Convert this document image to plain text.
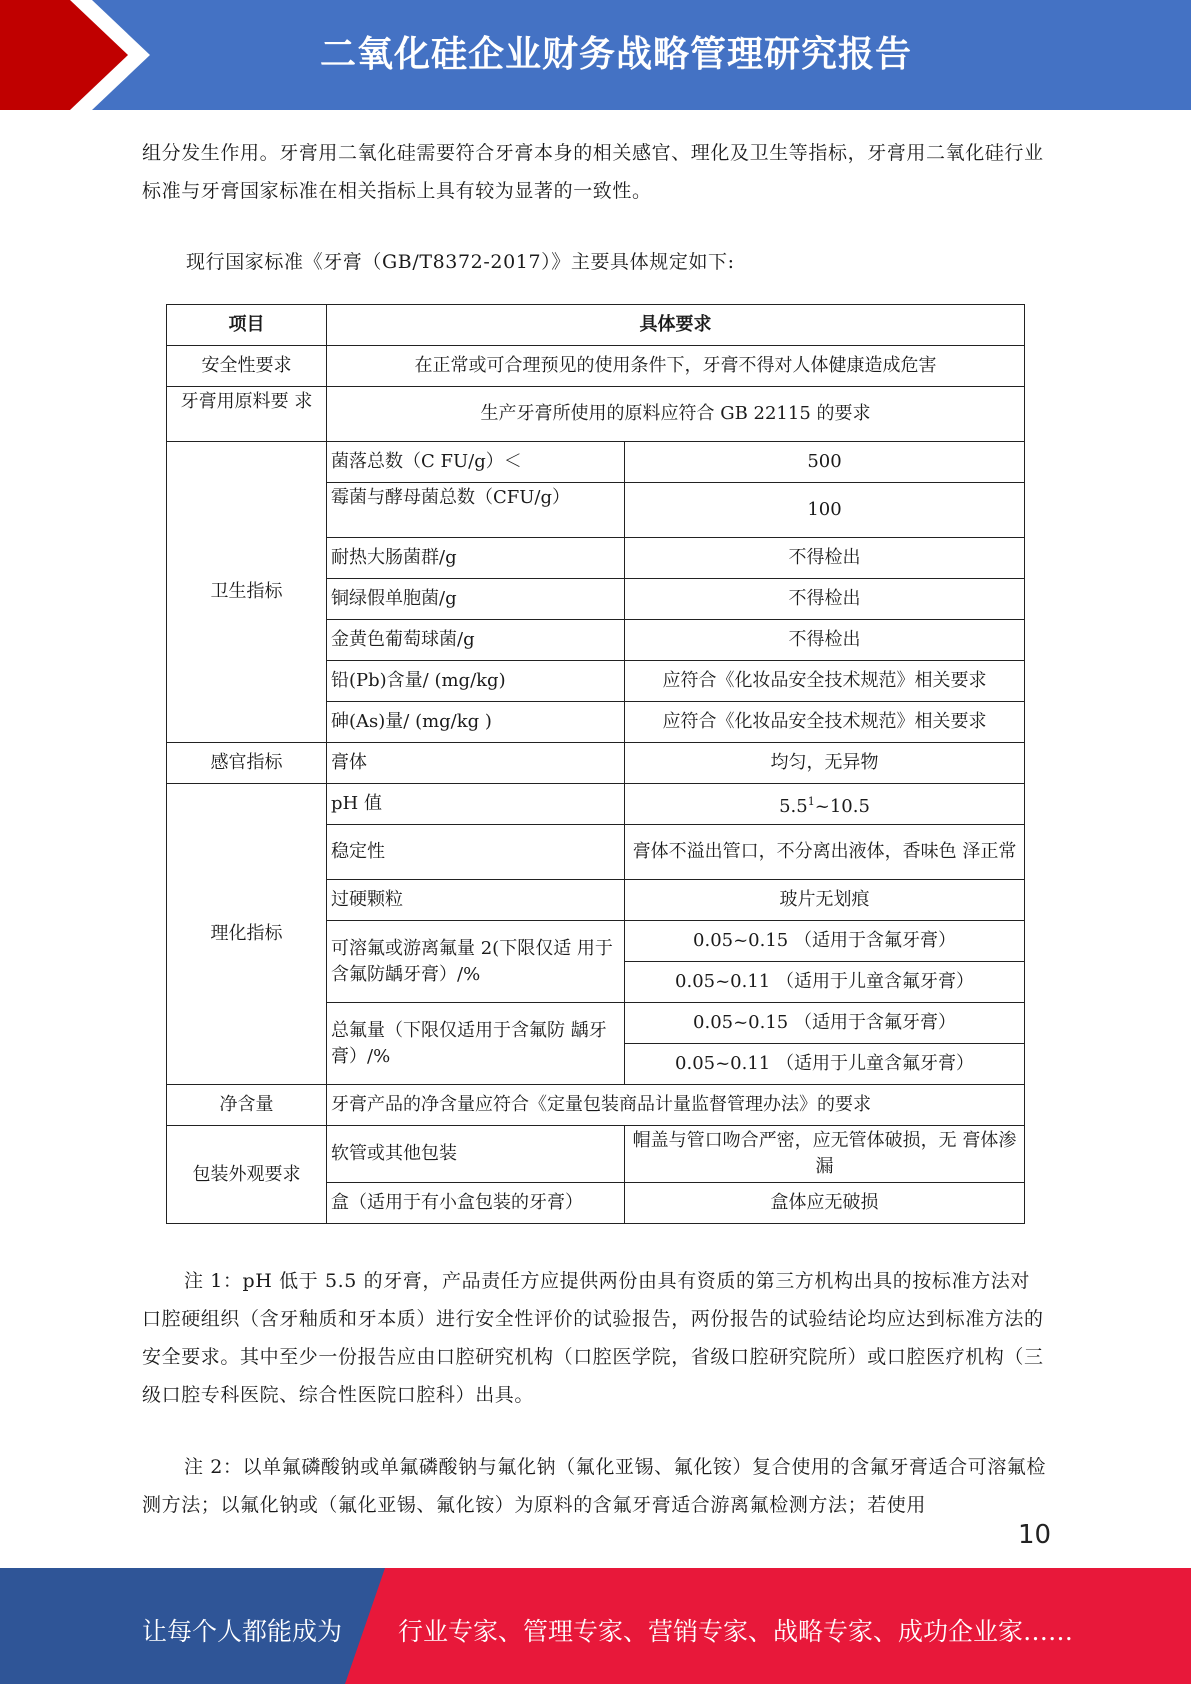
二氧化硅企业财务战略管理研究报告
组分发生作用。牙膏用二氧化硅需要符合牙膏本身的相关感官、理化及卫生等指标，牙膏用二氧化硅行业标准与牙膏国家标准在相关指标上具有较为显著的一致性。
现行国家标准《牙膏（GB/T8372-2017）》主要具体规定如下:
项目	具体要求	
安全性要求	在正常或可合理预见的使用条件下，牙膏不得对人体健康造成危害	
牙膏用原料要 求	生产牙膏所使用的原料应符合 GB 22115 的要求	
卫生指标	菌落总数（C FU/g）＜	500
	霉菌与酵母菌总数（CFU/g）	100
	耐热大肠菌群/g	不得检出
	铜绿假单胞菌/g	不得检出
	金黄色葡萄球菌/g	不得检出
	铅(Pb)含量/ (mg/kg)	应符合《化妆品安全技术规范》相关要求
	砷(As)量/ (mg/kg )	应符合《化妆品安全技术规范》相关要求
感官指标	膏体	均匀，无异物
理化指标	pH 值	$5.5^1\sim 10.5$
	稳定性	膏体不溢出管口，不分离出液体，香味色 泽正常
	过硬颗粒	玻片无划痕
	可溶氟或游离氟量 2(下限仅适 用于含氟防龋牙膏）/%	0.05~0.15 （适用于含氟牙膏）
		0.05~0.11 （适用于儿童含氟牙膏）
	总氟量（下限仅适用于含氟防 龋牙膏）/%	0.05~0.15 （适用于含氟牙膏）
		0.05~0.11 （适用于儿童含氟牙膏）
净含量	牙膏产品的净含量应符合《定量包装商品计量监督管理办法》的要求	
包装外观要求	软管或其他包装	帽盖与管口吻合严密，应无管体破损，无 膏体渗漏
	盒（适用于有小盒包装的牙膏）	盒体应无破损
注 1：pH 低于 5.5 的牙膏，产品责任方应提供两份由具有资质的第三方机构出具的按标准方法对口腔硬组织（含牙釉质和牙本质）进行安全性评价的试验报告，两份报告的试验结论均应达到标准方法的安全要求。其中至少一份报告应由口腔研究机构（口腔医学院，省级口腔研究院所）或口腔医疗机构（三级口腔专科医院、综合性医院口腔科）出具。
注 2：以单氟磷酸钠或单氟磷酸钠与氟化钠（氟化亚锡、氟化铵）复合使用的含氟牙膏适合可溶氟检测方法；以氟化钠或（氟化亚锡、氟化铵）为原料的含氟牙膏适合游离氟检测方法；若使用
10
让每个人都能成为 行业专家、管理专家、营销专家、战略专家、成功企业家……
